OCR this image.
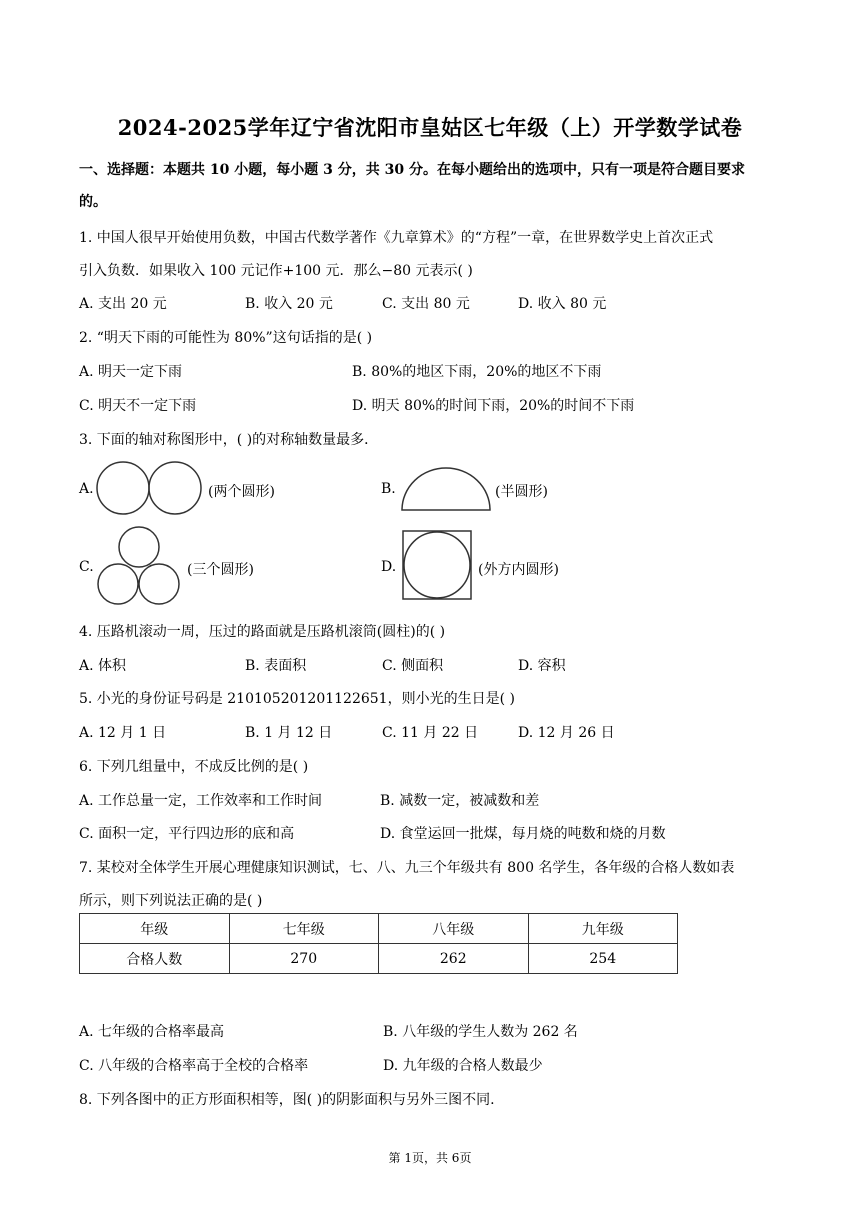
2024-2025学年辽宁省沈阳市皇姑区七年级（上）开学数学试卷
一、选择题：本题共 10 小题，每小题 3 分，共 30 分。在每小题给出的选项中，只有一项是符合题目要求
的。
1. 中国人很早开始使用负数，中国古代数学著作《九章算术》的“方程”一章，在世界数学史上首次正式
引入负数．如果收入 100 元记作+100 元．那么−80 元表示( )
A. 支出 20 元	B. 收入 20 元	C. 支出 80 元	D. 收入 80 元
2. “明天下雨的可能性为 80%”这句话指的是( )
A. 明天一定下雨	B. 80%的地区下雨，20%的地区不下雨
C. 明天不一定下雨	D. 明天 80%的时间下雨，20%的时间不下雨
3. 下面的轴对称图形中，( )的对称轴数量最多．
A.	(两个圆形)	B.	(半圆形)
C.	(三个圆形)	D.	(外方内圆形)
4. 压路机滚动一周，压过的路面就是压路机滚筒(圆柱)的( )
A. 体积	B. 表面积	C. 侧面积	D. 容积
5. 小光的身份证号码是 210105201201122651，则小光的生日是( )
A. 12 月 1 日	B. 1 月 12 日	C. 11 月 22 日	D. 12 月 26 日
6. 下列几组量中，不成反比例的是( )
A. 工作总量一定，工作效率和工作时间	B. 减数一定，被减数和差
C. 面积一定，平行四边形的底和高	D. 食堂运回一批煤，每月烧的吨数和烧的月数
7. 某校对全体学生开展心理健康知识测试，七、八、九三个年级共有 800 名学生，各年级的合格人数如表
所示，则下列说法正确的是( )
年级	七年级	八年级	九年级
合格人数	270	262	254
A. 七年级的合格率最高	B. 八年级的学生人数为 262 名
C. 八年级的合格率高于全校的合格率	D. 九年级的合格人数最少
8. 下列各图中的正方形面积相等，图( )的阴影面积与另外三图不同.
第 1页，共 6页
